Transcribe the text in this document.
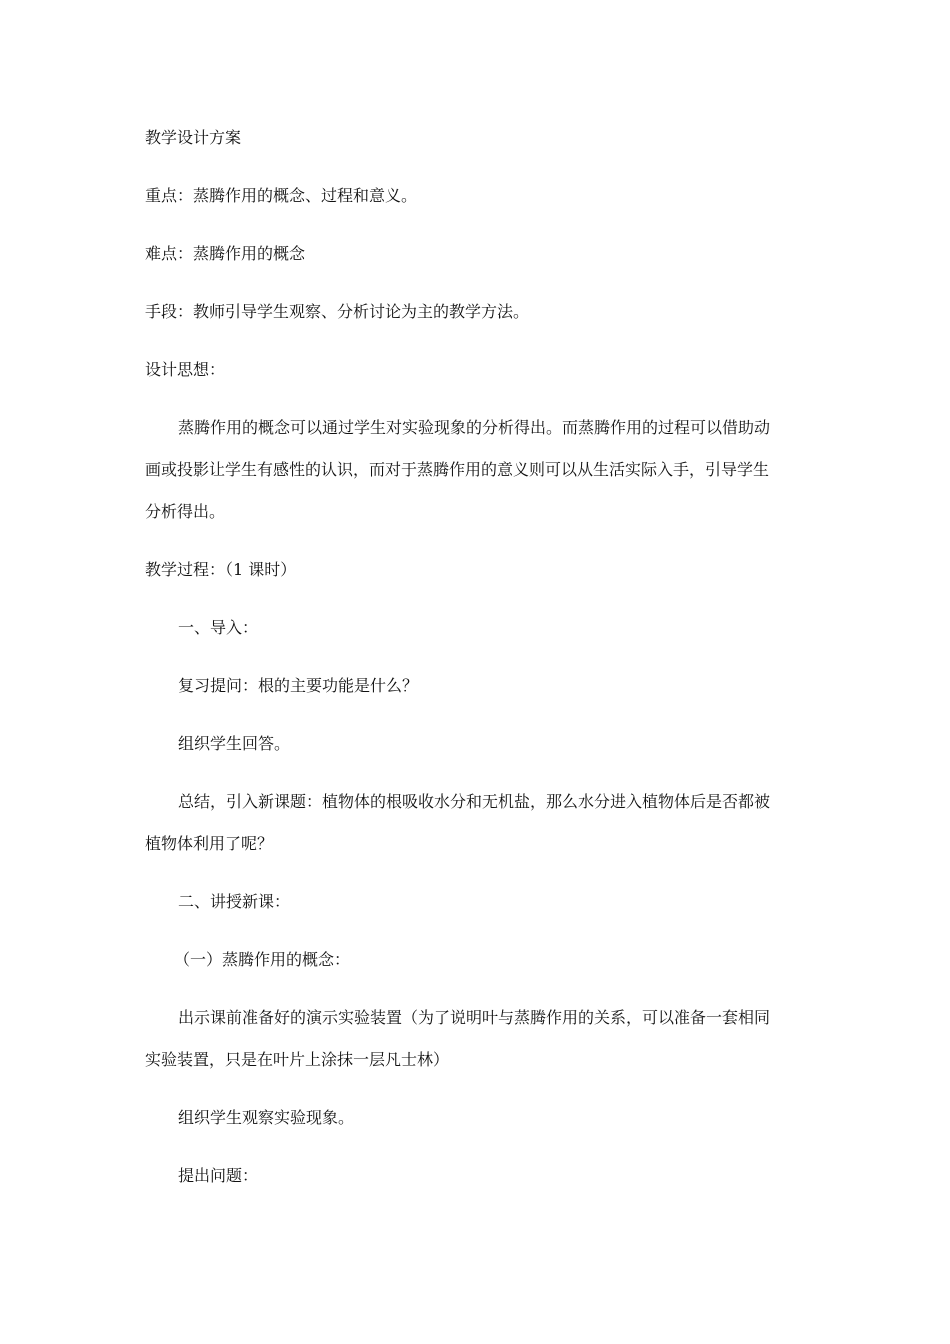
教学设计方案

重点：蒸腾作用的概念、过程和意义。

难点：蒸腾作用的概念

手段：教师引导学生观察、分析讨论为主的教学方法。

设计思想：

蒸腾作用的概念可以通过学生对实验现象的分析得出。而蒸腾作用的过程可以借助动

画或投影让学生有感性的认识，而对于蒸腾作用的意义则可以从生活实际入手，引导学生

分析得出。

教学过程：（1 课时）

一、导入：

复习提问：根的主要功能是什么？

组织学生回答。

总结，引入新课题：植物体的根吸收水分和无机盐，那么水分进入植物体后是否都被

植物体利用了呢？

二、讲授新课：

（一）蒸腾作用的概念：

出示课前准备好的演示实验装置（为了说明叶与蒸腾作用的关系，可以准备一套相同

实验装置，只是在叶片上涂抹一层凡士林）

组织学生观察实验现象。

提出问题：
